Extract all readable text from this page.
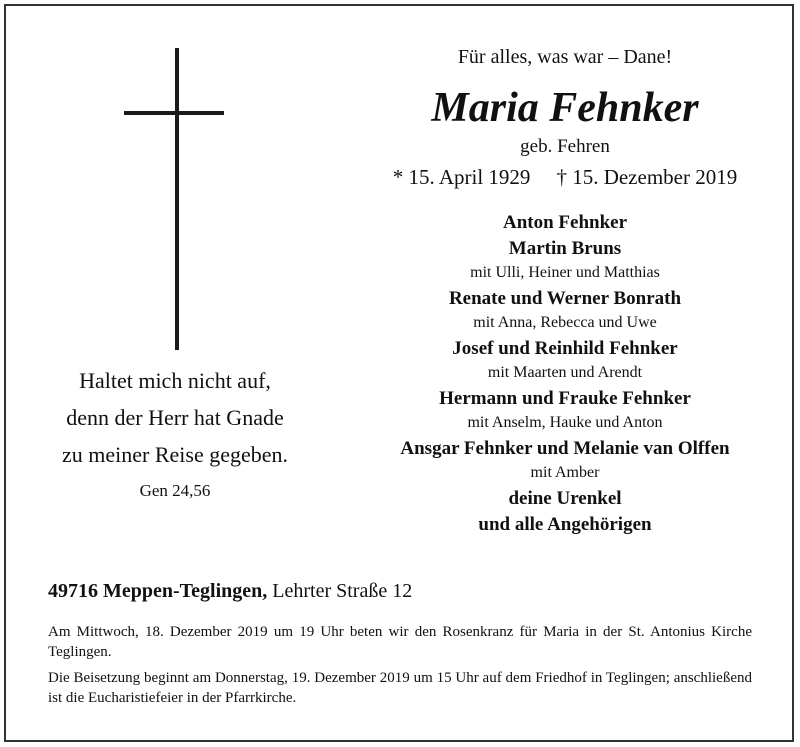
Haltet mich nicht auf,
denn der Herr hat Gnade
zu meiner Reise gegeben.
Gen 24,56
Für alles, was war – Dane!
Maria Fehnker
geb. Fehren
* 15. April 1929 † 15. Dezember 2019
Anton Fehnker
Martin Bruns
mit Ulli, Heiner und Matthias
Renate und Werner Bonrath
mit Anna, Rebecca und Uwe
Josef und Reinhild Fehnker
mit Maarten und Arendt
Hermann und Frauke Fehnker
mit Anselm, Hauke und Anton
Ansgar Fehnker und Melanie van Olffen
mit Amber
deine Urenkel
und alle Angehörigen
49716 Meppen-Teglingen, Lehrter Straße 12

Am Mittwoch, 18. Dezember 2019 um 19 Uhr beten wir den Rosenkranz für Maria in der St. Antonius Kirche Teglingen.

Die Beisetzung beginnt am Donnerstag, 19. Dezember 2019 um 15 Uhr auf dem Friedhof in Teglingen; anschließend ist die Eucharistiefeier in der Pfarrkirche.
